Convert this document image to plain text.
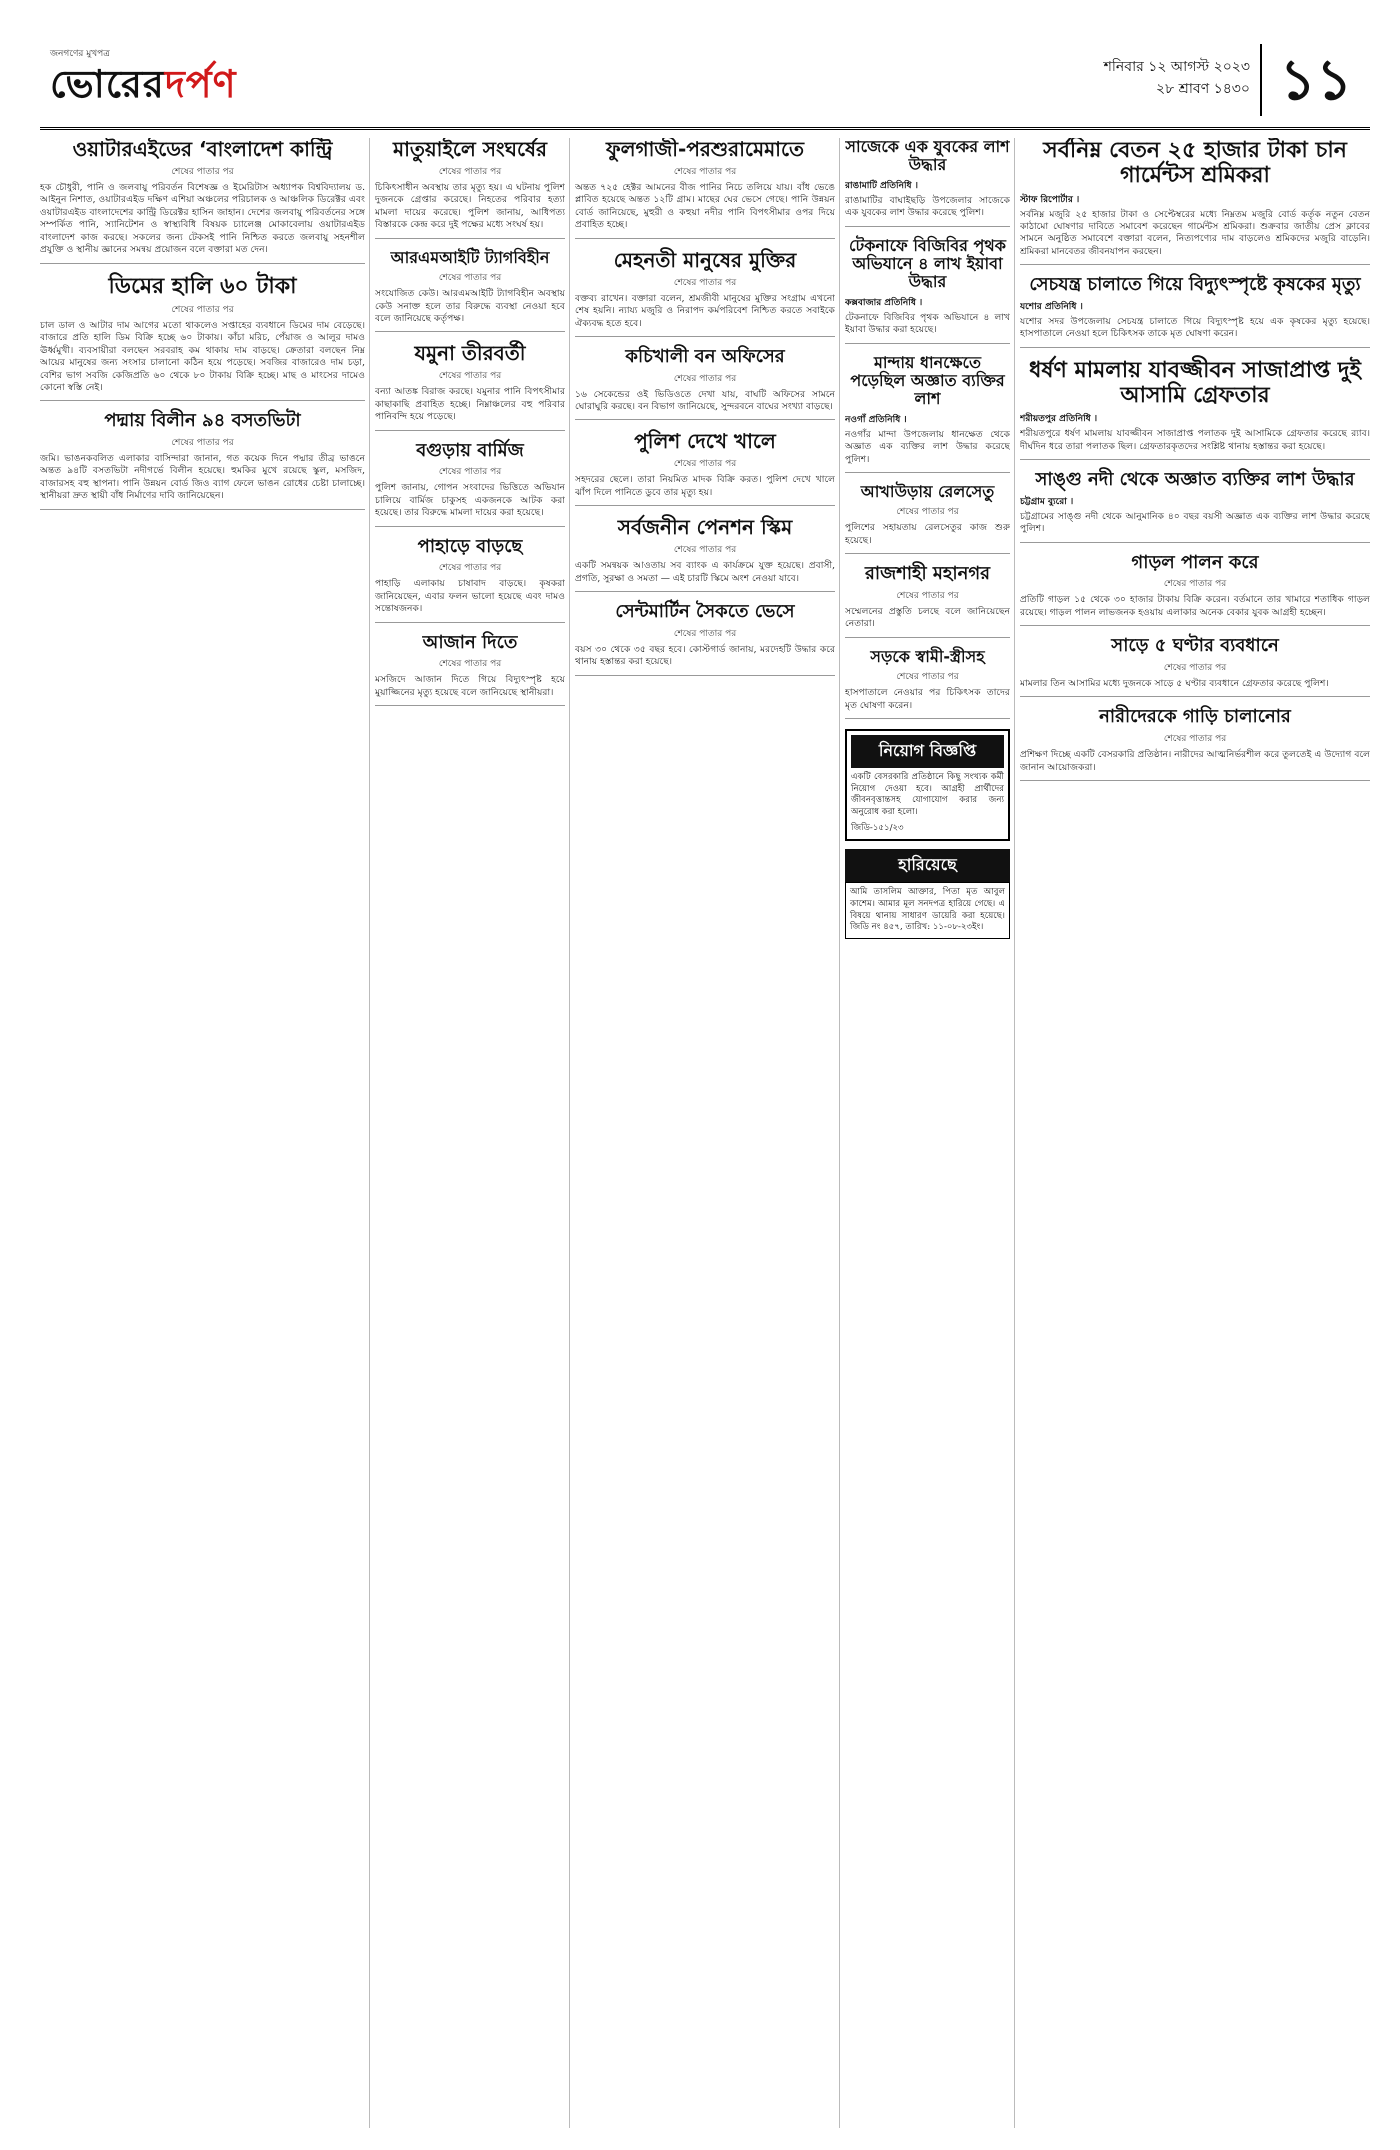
জনগণের মুখপত্র
ভোরেরদর্পণ	শনিবার ১২ আগস্ট ২০২৩
২৮ শ্রাবণ ১৪৩০ ১১
ওয়াটারএইডের ‘বাংলাদেশ কান্ট্রি
শেষের পাতার পর

হক চৌধুরী, পানি ও জলবায়ু পরিবর্তন বিশেষজ্ঞ ও ইমেরিটাস অধ্যাপক বিশ্ববিদ্যালয় ড. আইনুন নিশাত, ওয়াটারএইড দক্ষিণ এশিয়া অঞ্চলের পরিচালক ও আঞ্চলিক ডিরেক্টর এবং ওয়াটারএইড বাংলাদেশের কান্ট্রি ডিরেক্টর হাসিন জাহান। দেশের জলবায়ু পরিবর্তনের সঙ্গে সম্পর্কিত পানি, স্যানিটেশন ও স্বাস্থ্যবিধি বিষয়ক চ্যালেঞ্জ মোকাবেলায় ওয়াটারএইড বাংলাদেশ কাজ করছে। সকলের জন্য টেকসই পানি নিশ্চিত করতে জলবায়ু সহনশীল প্রযুক্তি ও স্থানীয় জ্ঞানের সমন্বয় প্রয়োজন বলে বক্তারা মত দেন।

ডিমের হালি ৬০ টাকা
শেষের পাতার পর

চাল ডাল ও আটার দাম আগের মতো থাকলেও সপ্তাহের ব্যবধানে ডিমের দাম বেড়েছে। বাজারে প্রতি হালি ডিম বিক্রি হচ্ছে ৬০ টাকায়। কাঁচা মরিচ, পেঁয়াজ ও আলুর দামও ঊর্ধ্বমুখী। ব্যবসায়ীরা বলছেন সরবরাহ কম থাকায় দাম বাড়ছে। ক্রেতারা বলছেন নিম্ন আয়ের মানুষের জন্য সংসার চালানো কঠিন হয়ে পড়েছে। সবজির বাজারেও দাম চড়া, বেশির ভাগ সবজি কেজিপ্রতি ৬০ থেকে ৮০ টাকায় বিক্রি হচ্ছে। মাছ ও মাংসের দামেও কোনো স্বস্তি নেই।

পদ্মায় বিলীন ৯৪ বসতভিটা
শেষের পাতার পর

জমি। ভাঙনকবলিত এলাকার বাসিন্দারা জানান, গত কয়েক দিনে পদ্মার তীব্র ভাঙনে অন্তত ৯৪টি বসতভিটা নদীগর্ভে বিলীন হয়েছে। হুমকির মুখে রয়েছে স্কুল, মসজিদ, বাজারসহ বহু স্থাপনা। পানি উন্নয়ন বোর্ড জিও ব্যাগ ফেলে ভাঙন রোধের চেষ্টা চালাচ্ছে। স্থানীয়রা দ্রুত স্থায়ী বাঁধ নির্মাণের দাবি জানিয়েছেন।

মাতুয়াইলে সংঘর্ষের
শেষের পাতার পর

চিকিৎসাধীন অবস্থায় তার মৃত্যু হয়। এ ঘটনায় পুলিশ দুজনকে গ্রেপ্তার করেছে। নিহতের পরিবার হত্যা মামলা দায়ের করেছে। পুলিশ জানায়, আধিপত্য বিস্তারকে কেন্দ্র করে দুই পক্ষের মধ্যে সংঘর্ষ হয়।

আরএমআইটি ট্যাগবিহীন
শেষের পাতার পর

সংযোজিত কেউ। আরএমআইটি ট্যাগবিহীন অবস্থায় কেউ সনাক্ত হলে তার বিরুদ্ধে ব্যবস্থা নেওয়া হবে বলে জানিয়েছে কর্তৃপক্ষ।

যমুনা তীরবর্তী
শেষের পাতার পর

বন্যা আতঙ্ক বিরাজ করছে। যমুনার পানি বিপৎসীমার কাছাকাছি প্রবাহিত হচ্ছে। নিম্নাঞ্চলের বহু পরিবার পানিবন্দি হয়ে পড়েছে।

বগুড়ায় বার্মিজ
শেষের পাতার পর

পুলিশ জানায়, গোপন সংবাদের ভিত্তিতে অভিযান চালিয়ে বার্মিজ চাকুসহ একজনকে আটক করা হয়েছে। তার বিরুদ্ধে মামলা দায়ের করা হয়েছে।

পাহাড়ে বাড়ছে
শেষের পাতার পর

পাহাড়ি এলাকায় চাষাবাদ বাড়ছে। কৃষকরা জানিয়েছেন, এবার ফলন ভালো হয়েছে এবং দামও সন্তোষজনক।

আজান দিতে
শেষের পাতার পর

মসজিদে আজান দিতে গিয়ে বিদ্যুৎস্পৃষ্ট হয়ে মুয়াজ্জিনের মৃত্যু হয়েছে বলে জানিয়েছে স্থানীয়রা।

ফুলগাজী-পরশুরামেমাতে
শেষের পাতার পর

অন্তত ৭২৫ হেক্টর আমনের বীজ পানির নিচে তলিয়ে যায়। বাঁধ ভেঙে প্লাবিত হয়েছে অন্তত ১২টি গ্রাম। মাছের ঘের ভেসে গেছে। পানি উন্নয়ন বোর্ড জানিয়েছে, মুহুরী ও কহুয়া নদীর পানি বিপৎসীমার ওপর দিয়ে প্রবাহিত হচ্ছে।

মেহনতী মানুষের মুক্তির
শেষের পাতার পর

বক্তব্য রাখেন। বক্তারা বলেন, শ্রমজীবী মানুষের মুক্তির সংগ্রাম এখনো শেষ হয়নি। ন্যায্য মজুরি ও নিরাপদ কর্মপরিবেশ নিশ্চিত করতে সবাইকে ঐক্যবদ্ধ হতে হবে।

কচিখালী বন অফিসের
শেষের পাতার পর

১৬ সেকেন্ডের ওই ভিডিওতে দেখা যায়, বাঘটি অফিসের সামনে ঘোরাঘুরি করছে। বন বিভাগ জানিয়েছে, সুন্দরবনে বাঘের সংখ্যা বাড়ছে।

পুলিশ দেখে খালে
শেষের পাতার পর

সহদরের ছেলে। তারা নিয়মিত মাদক বিক্রি করত। পুলিশ দেখে খালে ঝাঁপ দিলে পানিতে ডুবে তার মৃত্যু হয়।

সর্বজনীন পেনশন স্কিম
শেষের পাতার পর

একটি সমন্বয়ক আওতায় সব ব্যাংক এ কার্যক্রমে যুক্ত হয়েছে। প্রবাসী, প্রগতি, সুরক্ষা ও সমতা — এই চারটি স্কিমে অংশ নেওয়া যাবে।

সেন্টমার্টিন সৈকতে ভেসে
শেষের পাতার পর

বয়স ৩০ থেকে ৩৫ বছর হবে। কোস্টগার্ড জানায়, মরদেহটি উদ্ধার করে থানায় হস্তান্তর করা হয়েছে।

সাজেকে এক যুবকের লাশ উদ্ধার
রাঙামাটি প্রতিনিধি ।

রাঙামাটির বাঘাইছড়ি উপজেলার সাজেকে এক যুবকের লাশ উদ্ধার করেছে পুলিশ।

টেকনাফে বিজিবির পৃথক অভিযানে ৪ লাখ ইয়াবা উদ্ধার
কক্সবাজার প্রতিনিধি ।

টেকনাফে বিজিবির পৃথক অভিযানে ৪ লাখ ইয়াবা উদ্ধার করা হয়েছে।

মান্দায় ধানক্ষেতে পড়েছিল অজ্ঞাত ব্যক্তির লাশ
নওগাঁ প্রতিনিধি ।

নওগাঁর মান্দা উপজেলায় ধানক্ষেত থেকে অজ্ঞাত এক ব্যক্তির লাশ উদ্ধার করেছে পুলিশ।

আখাউড়ায় রেলসেতু
শেষের পাতার পর

পুলিশের সহায়তায় রেলসেতুর কাজ শুরু হয়েছে।

রাজশাহী মহানগর
শেষের পাতার পর

সম্মেলনের প্রস্তুতি চলছে বলে জানিয়েছেন নেতারা।

সড়কে স্বামী-স্ত্রীসহ
শেষের পাতার পর

হাসপাতালে নেওয়ার পর চিকিৎসক তাদের মৃত ঘোষণা করেন।

নিয়োগ বিজ্ঞপ্তি

একটি বেসরকারি প্রতিষ্ঠানে কিছু সংখ্যক কর্মী নিয়োগ দেওয়া হবে। আগ্রহী প্রার্থীদের জীবনবৃত্তান্তসহ যোগাযোগ করার জন্য অনুরোধ করা হলো।

জিডি-১৫১/২৩
হারিয়েছে
আমি তাসলিম আক্তার, পিতা মৃত আবুল কাশেম। আমার মূল সনদপত্র হারিয়ে গেছে। এ বিষয়ে থানায় সাধারণ ডায়েরি করা হয়েছে। জিডি নং ৪৫৭, তারিখ: ১১-০৮-২৩ইং।
সর্বনিম্ন বেতন ২৫ হাজার টাকা চান গার্মেন্টস শ্রমিকরা
স্টাফ রিপোর্টার ।

সর্বনিম্ন মজুরি ২৫ হাজার টাকা ও সেপ্টেম্বরের মধ্যে নিম্নতম মজুরি বোর্ড কর্তৃক নতুন বেতন কাঠামো ঘোষণার দাবিতে সমাবেশ করেছেন গার্মেন্টস শ্রমিকরা। শুক্রবার জাতীয় প্রেস ক্লাবের সামনে অনুষ্ঠিত সমাবেশে বক্তারা বলেন, নিত্যপণ্যের দাম বাড়লেও শ্রমিকদের মজুরি বাড়েনি। শ্রমিকরা মানবেতর জীবনযাপন করছেন।

সেচযন্ত্র চালাতে গিয়ে বিদ্যুৎস্পৃষ্টে কৃষকের মৃত্যু
যশোর প্রতিনিধি ।

যশোর সদর উপজেলায় সেচযন্ত্র চালাতে গিয়ে বিদ্যুৎস্পৃষ্ট হয়ে এক কৃষকের মৃত্যু হয়েছে। হাসপাতালে নেওয়া হলে চিকিৎসক তাকে মৃত ঘোষণা করেন।

ধর্ষণ মামলায় যাবজ্জীবন সাজাপ্রাপ্ত দুই আসামি গ্রেফতার
শরীয়তপুর প্রতিনিধি ।

শরীয়তপুরে ধর্ষণ মামলায় যাবজ্জীবন সাজাপ্রাপ্ত পলাতক দুই আসামিকে গ্রেফতার করেছে র‍্যাব। দীর্ঘদিন ধরে তারা পলাতক ছিল। গ্রেফতারকৃতদের সংশ্লিষ্ট থানায় হস্তান্তর করা হয়েছে।

সাঙ্গু নদী থেকে অজ্ঞাত ব্যক্তির লাশ উদ্ধার
চট্টগ্রাম ব্যুরো ।

চট্টগ্রামের সাঙ্গু নদী থেকে আনুমানিক ৪০ বছর বয়সী অজ্ঞাত এক ব্যক্তির লাশ উদ্ধার করেছে পুলিশ।

গাড়ল পালন করে
শেষের পাতার পর

প্রতিটি গাড়ল ১৫ থেকে ৩০ হাজার টাকায় বিক্রি করেন। বর্তমানে তার খামারে শতাধিক গাড়ল রয়েছে। গাড়ল পালন লাভজনক হওয়ায় এলাকার অনেক বেকার যুবক আগ্রহী হচ্ছেন।

সাড়ে ৫ ঘণ্টার ব্যবধানে
শেষের পাতার পর

মামলার তিন আসামির মধ্যে দুজনকে সাড়ে ৫ ঘণ্টার ব্যবধানে গ্রেফতার করেছে পুলিশ।

নারীদেরকে গাড়ি চালানোর
শেষের পাতার পর

প্রশিক্ষণ দিচ্ছে একটি বেসরকারি প্রতিষ্ঠান। নারীদের আত্মনির্ভরশীল করে তুলতেই এ উদ্যোগ বলে জানান আয়োজকরা।
